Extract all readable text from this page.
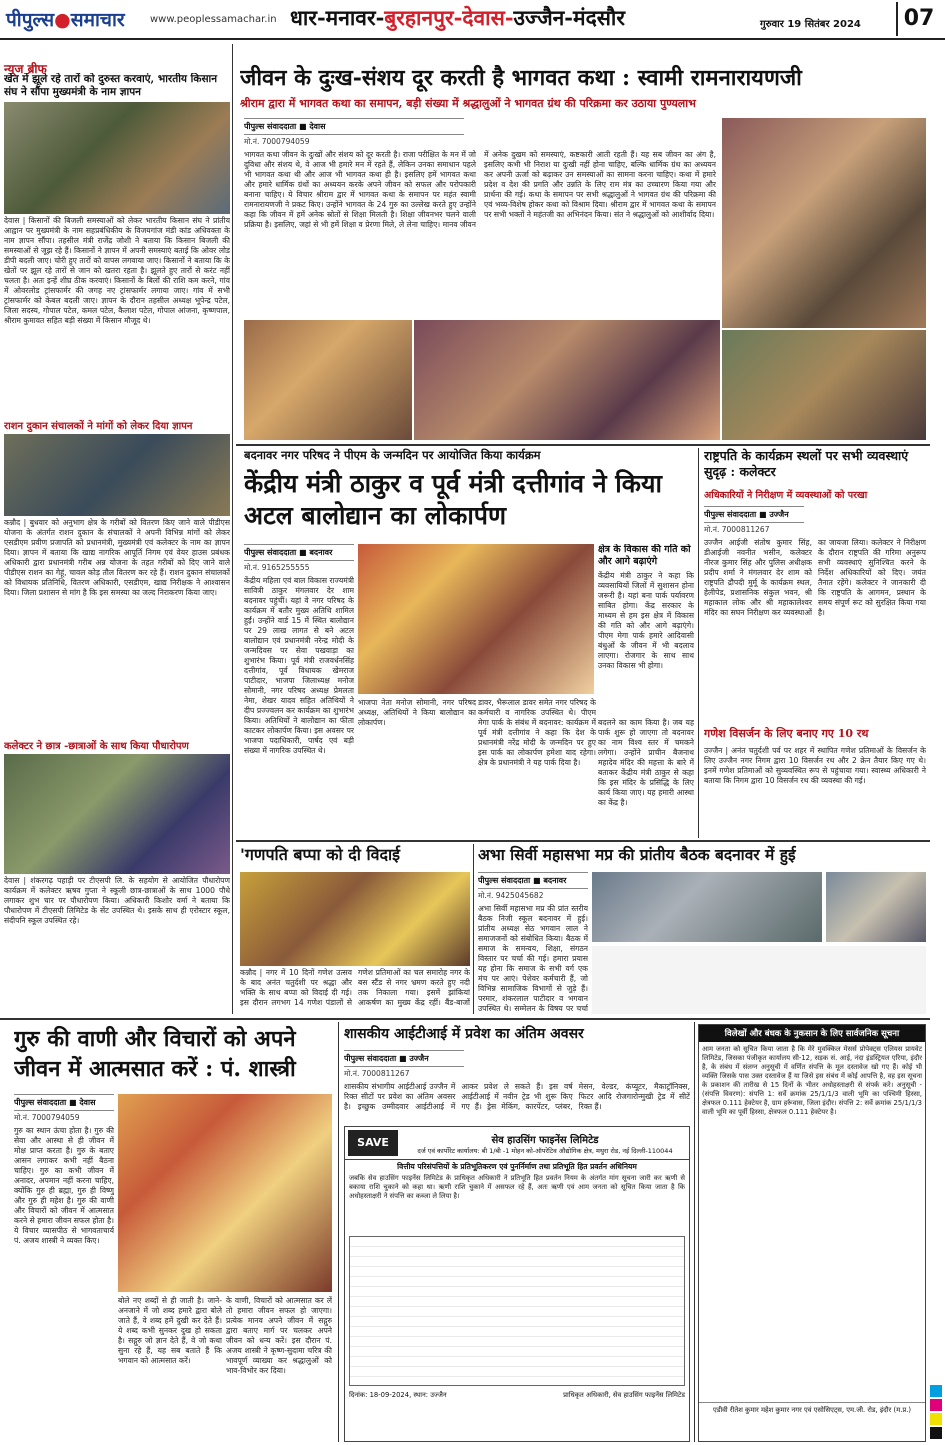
पीपुल्स●समाचार	www.peoplessamachar.in धार-मनावर-बुरहानपुर-देवास-उज्जैन-मंदसौर	गुरुवार 19 सितंबर 2024	07
न्यूज ब्रीफ
खेत में झूले रहे तारों को दुरुस्त करवाएं, भारतीय किसान संघ ने सौंपा मुख्यमंत्री के नाम ज्ञापन
देवास | किसानों की बिजली समस्याओं को लेकर भारतीय किसान संघ ने प्रांतीय आह्वान पर मुख्यमंत्री के नाम सहप्रबंधिकीय के विजयगांज मंडी कांड अधिवक्ता के नाम ज्ञापन सौंपा। तहसील मंत्री राजेंद्र जोशी ने बताया कि किसान बिजली की समस्याओं से जूझ रहे हैं। किसानों ने ज्ञापन में अपनी समस्याएं बताई कि ओवर लोड डीपी बदली जाए। चोरी हुए तारों को वापस लगवाया जाए। किसानों ने बताया कि के खेतों पर झूल रहे तारों से जान को खतरा रहता है। झूलते हुए तारों से करंट नहीं चलता है। अतः इन्हें शीघ्र ठीक करवाएं। किसानों के बिलों की राशि कम करने, गांव में ओवरलोड ट्रांसफार्मर की जगह नए ट्रांसफार्मर लगाया जाए। गांव में सभी ट्रांसफार्मर को केबल बदली जाए। ज्ञापन के दौरान तहसील अध्यक्ष भूपेन्द्र पटेल, जिला सदस्य, गोपाल पटेल, कमल पटेल, कैलाश पटेल, गोपाल आंजना, कृष्णपाल, श्रीराम कुमावत सहित बड़ी संख्या में किसान मौजूद थे।
राशन दुकान संचालकों ने मांगों को लेकर दिया ज्ञापन
कन्नौद | बुधवार को अनुभाग क्षेत्र के गरीबों को वितरण किए जाने वाले पीडीएस योजना के अंतर्गत राशन दुकान के संचालकों ने अपनी विभिन्न मांगों को लेकर एसडीएम प्रवीण प्रजापति को प्रधानमंत्री, मुख्यमंत्री एवं कलेक्टर के नाम का ज्ञापन दिया। ज्ञापन में बताया कि खाद्य नागरिक आपूर्ति निगम एवं वेयर हाउस प्रबंधक अधिकारी द्वारा प्रधानमंत्री गरीब अन्न योजना के तहत गरीबों को दिए जाने वाले पीडीएस राशन का गेहूं, चावल कोड़ तौल वितरण कर रहे हैं। राशन दुकान संचालकों को विधायक प्रतिनिधि, वितरण अधिकारी, एसडीएम, खाद्य निरीक्षक ने आश्वासन दिया। जिला प्रशासन से मांग है कि इस समस्या का जल्द निराकरण किया जाए।
कलेक्टर ने छात्र -छात्राओं के साथ किया पौधारोपण
देवास | शंकरगढ़ पहाड़ी पर टीएसपी लि. के सहयोग से आयोजित पौधारोपण कार्यक्रम में कलेक्टर ऋषव गुप्ता ने स्कूली छात्र-छात्राओं के साथ 1000 पौधे लगाकर शुभ चार पर पौधारोपण किया। अधिकारी किशोर वर्मा ने बताया कि पौधारोपण में टीएसपी लिमिटेड के सेंट उपस्थित थे। इसके साथ ही एरोस्टार स्कूल, संदीपनि स्कूल उपस्थित रहे।
जीवन के दुःख-संशय दूर करती है भागवत कथा : स्वामी रामनारायणजी
श्रीराम द्वारा में भागवत कथा का समापन, बड़ी संख्या में श्रद्धालुओं ने भागवत ग्रंथ की परिक्रमा कर उठाया पुण्यलाभ
पीपुल्स संवाददाता ■ देवास
मो.नं. 7000794059
भागवत कथा जीवन के दुःखों और संशय को दूर करती है। राजा परीक्षित के मन में जो दुविधा और संशय थे, वे आज भी हमारे मन में रहते हैं, लेकिन उनका समाधान पहले भी भागवत कथा थी और आज भी भागवत कथा ही है। इसलिए हमें भागवत कथा और हमारे धार्मिक ग्रंथों का अध्ययन करके अपने जीवन को सफल और परोपकारी बनाना चाहिए। ये विचार श्रीराम द्वार में भागवत कथा के समापन पर महंत स्वामी रामनारायणजी ने प्रकट किए। उन्होंने भागवत के 24 गुरु का उल्लेख करते हुए उन्होंने कहा कि जीवन में हमें अनेक स्रोतों से शिक्षा मिलती है। शिक्षा जीवनभर चलने वाली प्रक्रिया है। इसलिए, जहां से भी हमें शिक्षा व प्रेरणा मिले, ले लेना चाहिए। मानव जीवन में अनेक दुखम को समस्याएं, कष्टकारी आती रहती हैं। यह सब जीवन का अंग है, इसलिए कभी भी निराश या दुःखी नहीं होना चाहिए, बल्कि धार्मिक ग्रंथ का अध्ययन कर अपनी ऊर्जा को बढ़ाकर उन समस्याओं का सामना करना चाहिए। कथा में हमारे प्रदेश व देश की प्रगति और उन्नति के लिए राम मंत्र का उच्चारण किया गया और प्रार्थना की गई। कथा के समापन पर सभी श्रद्धालुओं ने भागवत ग्रंथ की परिक्रमा की एवं भव्य-विशेष होकर कथा को विश्राम दिया। श्रीराम द्वार में भागवत कथा के समापन पर सभी भक्तों ने महंतजी का अभिनंदन किया। संत ने श्रद्धालुओं को आशीर्वाद दिया।
बदनावर नगर परिषद ने पीएम के जन्मदिन पर आयोजित किया कार्यक्रम
केंद्रीय मंत्री ठाकुर व पूर्व मंत्री दत्तीगांव ने किया अटल बालोद्यान का लोकार्पण
पीपुल्स संवाददाता ■ बदनावर
मो.नं. 9165255555
केंद्रीय महिला एवं बाल विकास राज्यमंत्री सावित्री ठाकुर मंगलवार देर शाम बदनावर पहुंचीं। यहां वे नगर परिषद के कार्यक्रम में बतौर मुख्य अतिथि शामिल हुईं। उन्होंने वार्ड 15 में स्थित बालोद्यान पर 29 लाख लागत से बने अटल बालोद्यान एवं प्रधानमंत्री नरेन्द्र मोदी के जन्मदिवस पर सेवा पखवाड़ा का शुभारंभ किया। पूर्व मंत्री राजवर्धनसिंह दत्तीगांव, पूर्व विधायक खेमराज पाटीदार, भाजपा जिलाध्यक्ष मनोज सोमानी, नगर परिषद अध्यक्ष प्रेमलता नेमा, शेखर यादव सहित अतिथियों ने दीप प्रज्ज्वलन कर कार्यक्रम का शुभारंभ किया। अतिथियों ने बालोद्यान का फीता काटकर लोकार्पण किया। इस अवसर पर भाजपा पदाधिकारी, पार्षद एवं बड़ी संख्या में नागरिक उपस्थित थे।
भाजपा नेता मनोज सोमानी, नगर परिषद अध्यक्ष, अतिथियों ने किया बालोद्यान का लोकार्पण।
डावर, भैरूलाल डावर समेत नगर परिषद के कर्मचारी व नागरिक उपस्थित थे। पीएम मेगा पार्क के संबंध में बदनावर: कार्यक्रम में पूर्व मंत्री दत्तीगांव ने कहा कि देश के प्रधानमंत्री नरेंद्र मोदी के जन्मदिन पर हुए इस पार्क का लोकार्पण हमेशा याद रहेगा। क्षेत्र के प्रधानमंत्री ने यह पार्क दिया है।
क्षेत्र के विकास की गति को और आगे बढ़ाएंगे
केंद्रीय मंत्री ठाकुर ने कहा कि व्यवसायियों जिलों में सुशासन होना जरूरी है। यहां बना पार्क पर्यावरण साबित होगा। केंद्र सरकार के माध्यम से हम इस क्षेत्र में विकास की गति को और आगे बढ़ाएंगे। पीएम मेगा पार्क हमारे आदिवासी बंधुओं के जीवन में भी बदलाव लाएगा। रोजगार के साथ साथ उनका विकास भी होगा।
बदलने का काम किया है। जब यह पार्क शुरू हो जाएगा तो बदनावर का नाम विश्व स्तर में चमकने लगेगा। उन्होंने प्राचीन बैजनाथ महादेव मंदिर की महत्ता के बारे में बताकर केंद्रीय मंत्री ठाकुर से कहा कि इस मंदिर के प्रसिद्धि के लिए कार्य किया जाए। यह हमारी आस्था का केंद्र है।
राष्ट्रपति के कार्यक्रम स्थलों पर सभी व्यवस्थाएं सुदृढ़ : कलेक्टर
अधिकारियों ने निरीक्षण में व्यवस्थाओं को परखा
पीपुल्स संवाददाता ■ उज्जैन
मो.नं. 7000811267
उज्जैन आईजी संतोष कुमार सिंह, डीआईजी नवनीत भसीन, कलेक्टर नीरज कुमार सिंह और पुलिस अधीक्षक प्रदीप शर्मा ने मंगलवार देर शाम को राष्ट्रपति द्रौपदी मुर्मू के कार्यक्रम स्थल, हेलीपेड, प्रशासनिक संकुल भवन, श्री महाकाल लोक और श्री महाकालेश्वर मंदिर का सघन निरीक्षण कर व्यवस्थाओं का जायजा लिया। कलेक्टर ने निरीक्षण के दौरान राष्ट्रपति की गरिमा अनुरूप सभी व्यवस्थाएं सुनिश्चित करने के निर्देश अधिकारियों को दिए। जयंत तैनात रहेंगे। कलेक्टर ने जानकारी दी कि राष्ट्रपति के आगमन, प्रस्थान के समय संपूर्ण रूट को सुरक्षित किया गया है।
गणेश विसर्जन के लिए बनाए गए 10 रथ
उज्जैन | अनंत चतुर्दशी पर्व पर शहर में स्थापित गणेश प्रतिमाओं के विसर्जन के लिए उज्जैन नगर निगम द्वारा 10 विसर्जन रथ और 2 क्रेन तैयार किए गए थे। इनमें गणेश प्रतिमाओं को सुव्यवस्थित रूप से पहुंचाया गया। स्वास्थ्य अधिकारी ने बताया कि निगम द्वारा 10 विसर्जन रथ की व्यवस्था की गई।
'गणपति बप्पा को दी विदाई
कन्नौद | नगर में 10 दिनों गणेश उत्सव के बाद अनंत चतुर्दशी पर श्रद्धा और भक्ति के साथ बप्पा को विदाई दी गई। इस दौरान लगभग 14 गणेश पंडालों से गणेश प्रतिमाओं का चल समारोह नगर के बस स्टैंड से नगर भ्रमण करते हुए नदी तक निकाला गया। इसमें झांकियां आकर्षण का मुख्य केंद्र रहीं। बैंड-बाजों
अभा सिर्वी महासभा मप्र की प्रांतीय बैठक बदनावर में हुई
पीपुल्स संवाददाता ■ बदनावर
मो.नं. 9425045682
अभा सिर्वी महासभा मप्र की प्रांत स्तरीय बैठक निजी स्कूल बदनावर में हुई। प्रांतीय अध्यक्ष सेठ भगवान लाल ने समाजजनों को संबोधित किया। बैठक में समाज के समन्वय, शिक्षा, संगठन विस्तार पर चर्चा की गई। हमारा प्रयास यह होना कि समाज के सभी वर्ग एक मंच पर आएं। पेशेवर कर्मचारी हैं, जो विभिन्न सामाजिक विभागों से जुड़े हैं। परमार, शंकरलाल पाटीदार व भगवान उपस्थित थे। सम्मेलन के विषय पर चर्चा
गुरु की वाणी और विचारों को अपने जीवन में आत्मसात करें : पं. शास्त्री
पीपुल्स संवाददाता ■ देवास
मो.नं. 7000794059
गुरु का स्थान ऊंचा होता है। गुरु की सेवा और आस्था से ही जीवन में मोक्ष प्राप्त करता है। गुरु के बताए आसन लगाकर कभी नहीं बैठना चाहिए। गुरु का कभी जीवन में अनादर, अपमान नहीं करना चाहिए, क्योंकि गुरु ही ब्रह्मा, गुरु ही विष्णु और गुरु ही महेश है। गुरु की वाणी और विचारों को जीवन में आत्मसात करने से हमारा जीवन सफल होता है। ये विचार व्यासपीठ से भागवताचार्य पं. अजय शास्त्री ने व्यक्त किए।
बोले नए शब्दों से ही जाती है। जाने-अनजाने में जो शब्द हमारे द्वारा बोले जाते हैं, वे शब्द हमें दुखी कर देते हैं। ये शब्द कभी सुनकर दुख हो सकता है। सद्गुरु जो ज्ञान देते हैं, वे जो कथा सुना रहे हैं, यह सब बताते हैं कि भगवान को आत्मसात करें।
के वाणी, विचारों को आत्मसात कर लें तो हमारा जीवन सफल हो जाएगा। प्रत्येक मानव अपने जीवन में सद्गुरु द्वारा बताए मार्ग पर चलकर अपने जीवन को धन्य करें। इस दौरान पं. अजय शास्त्री ने कृष्ण-सुदामा चरित्र की भावपूर्ण व्याख्या कर श्रद्धालुओं को भाव-विभोर कर दिया।
शासकीय आईटीआई में प्रवेश का अंतिम अवसर
पीपुल्स संवाददाता ■ उज्जैन
मो.नं. 7000811267
शासकीय संभागीय आईटीआई उज्जैन में रिक्त सीटों पर प्रवेश का अंतिम अवसर है। इच्छुक उम्मीदवार आईटीआई में आकर प्रवेश ले सकते हैं। इस वर्ष आईटीआई में नवीन ट्रेड भी शुरू किए गए हैं। ड्रेस मेकिंग, कारपेंटर, प्लंबर, मेसन, वेल्डर, कंप्यूटर, मैकाट्रॉनिक्स, फिटर आदि रोजगारोन्मुखी ट्रेड में सीटें रिक्त हैं।
SAVE	सेव हाउसिंग फाइनेंस लिमिटेड
दर्ज एवं कार्पोरेट कार्यालय: बी 1/बी -1 मोहन को-ऑपरेटिव औद्योगिक क्षेत्र, मथुरा रोड, नई दिल्ली-110044
वित्तीय परिसंपत्तियों के प्रतिभूतिकरण एवं पुनर्निर्माण तथा प्रतिभूति हित प्रवर्तन अधिनियम
जबकि सेव हाउसिंग फाइनेंस लिमिटेड के प्राधिकृत अधिकारी ने प्रतिभूति हित प्रवर्तन नियम के अंतर्गत मांग सूचना जारी कर ऋणी से बकाया राशि चुकाने को कहा था। ऋणी राशि चुकाने में असफल रहे हैं, अतः ऋणी एवं आम जनता को सूचित किया जाता है कि अधोहस्ताक्षरी ने संपत्ति का कब्जा ले लिया है।
दिनांक: 18-09-2024, स्थान: उज्जैन	प्राधिकृत अधिकारी, सेव हाउसिंग फाइनेंस लिमिटेड
विलेखों और बंधक के नुकसान के लिए सार्वजनिक सूचना
आम जनता को सूचित किया जाता है कि मेरे मुवक्किल मेसर्स प्रोपेक्ट्स एलियस प्रायवेट लिमिटेड, जिसका पंजीकृत कार्यालय सी-12, सड़क सं. आई, नंदा इंडस्ट्रियल एरिया, इंदौर है, के संबंध में संलग्न अनुसूची में वर्णित संपत्ति के मूल दस्तावेज खो गए हैं। कोई भी व्यक्ति जिसके पास उक्त दस्तावेज हैं या जिसे इस संबंध में कोई आपत्ति है, वह इस सूचना के प्रकाशन की तारीख से 15 दिनों के भीतर अधोहस्ताक्षरी से संपर्क करे। अनुसूची - (संपत्ति विवरण): संपत्ति 1: सर्वे क्रमांक 25/1/1/3 वाली भूमि का पश्चिमी हिस्सा, क्षेत्रफल 0.111 हेक्टेयर है, ग्राम हर्रूवास, जिला इंदौर। संपत्ति 2: सर्वे क्रमांक 25/1/1/3 वाली भूमि का पूर्वी हिस्सा, क्षेत्रफल 0.111 हेक्टेयर है।
एडीवी रीतेश कुमार महेश कुमार नगर एवं एसोसिएट्स, एम.जी. रोड, इंदौर (म.प्र.)
